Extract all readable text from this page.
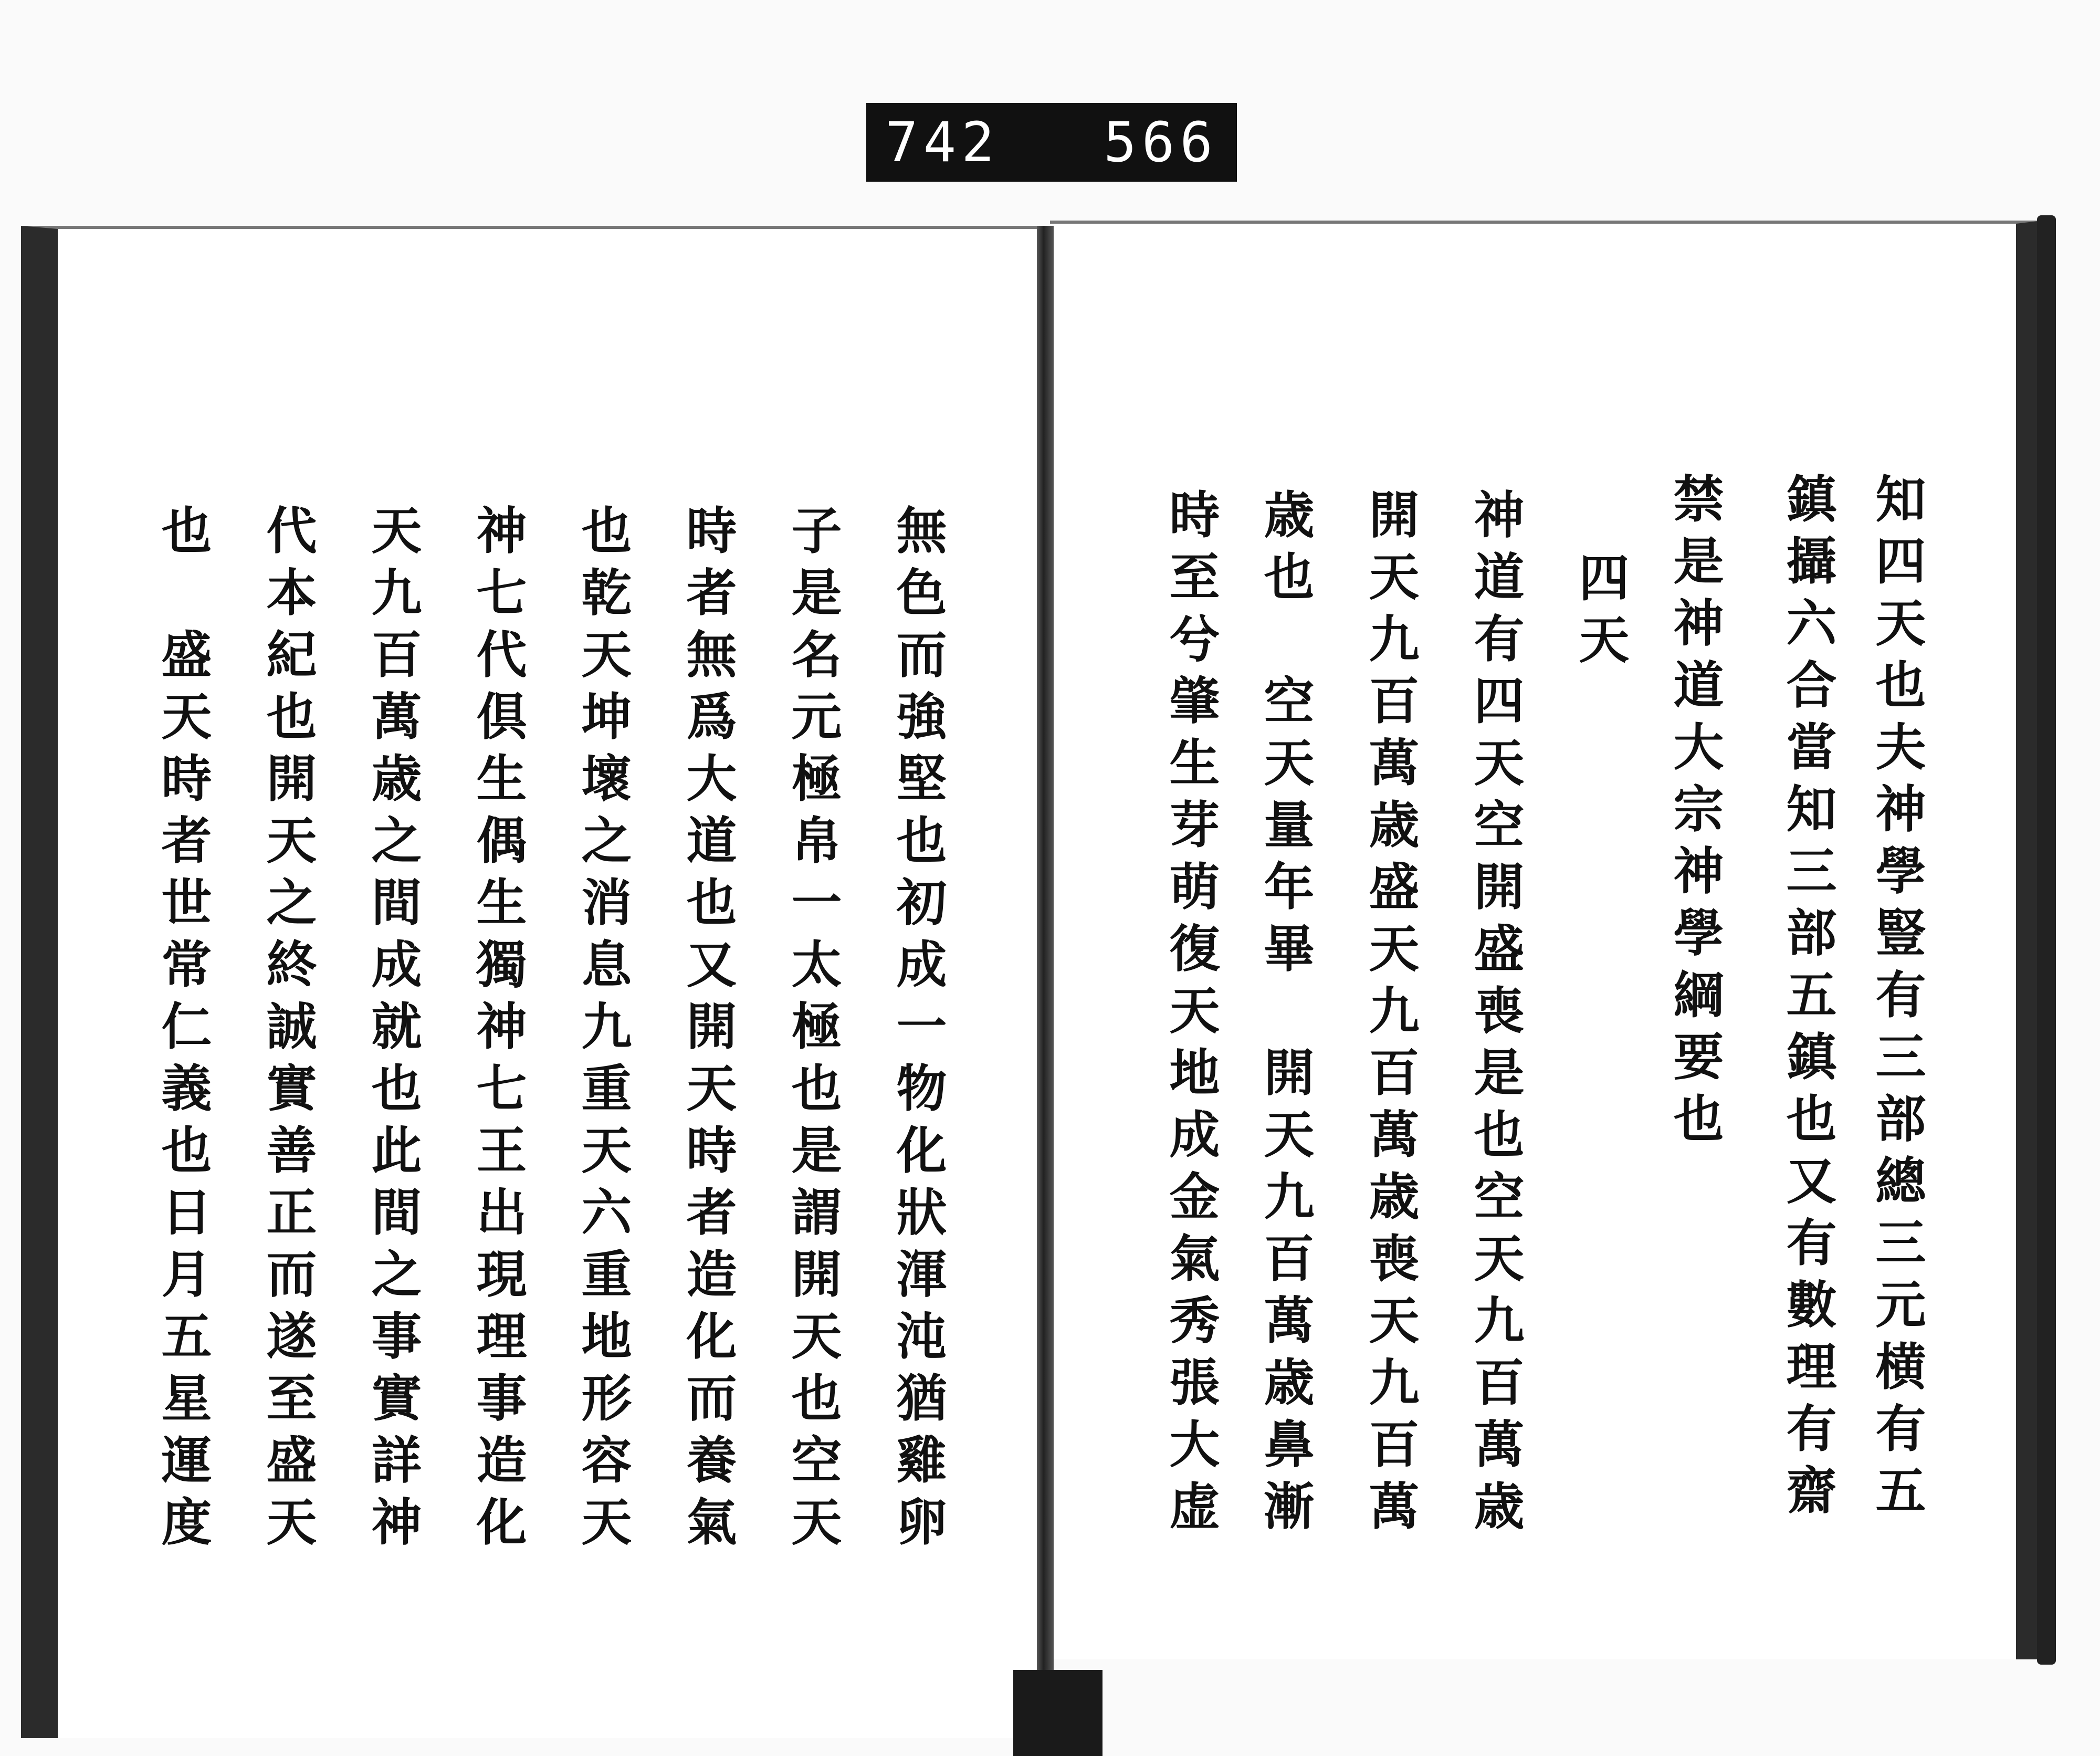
742 566
知四天也夫神學豎有三部總三元横有五
鎮攝六合當知三部五鎮也又有數理有齋
禁是神道大宗神學綱要也
四天
神道有四天空開盛喪是也空天九百萬歳
開天九百萬歳盛天九百萬歳喪天九百萬
歳也　空天量年畢　開天九百萬歳鼻漸
時至兮肇生芽萌復天地成金氣秀張大虚
無色而強堅也初成一物化狀渾沌猶雞卵
子是名元極帛一太極也是謂開天也空天
時者無爲大道也又開天時者造化而養氣
也乾天坤壞之消息九重天六重地形容天
神七代倶生偶生獨神七王出現理事造化
天九百萬歳之間成就也此間之事實詳神
代本紀也開天之終誠實善正而遂至盛天
也　盛天時者世常仁義也日月五星運度
